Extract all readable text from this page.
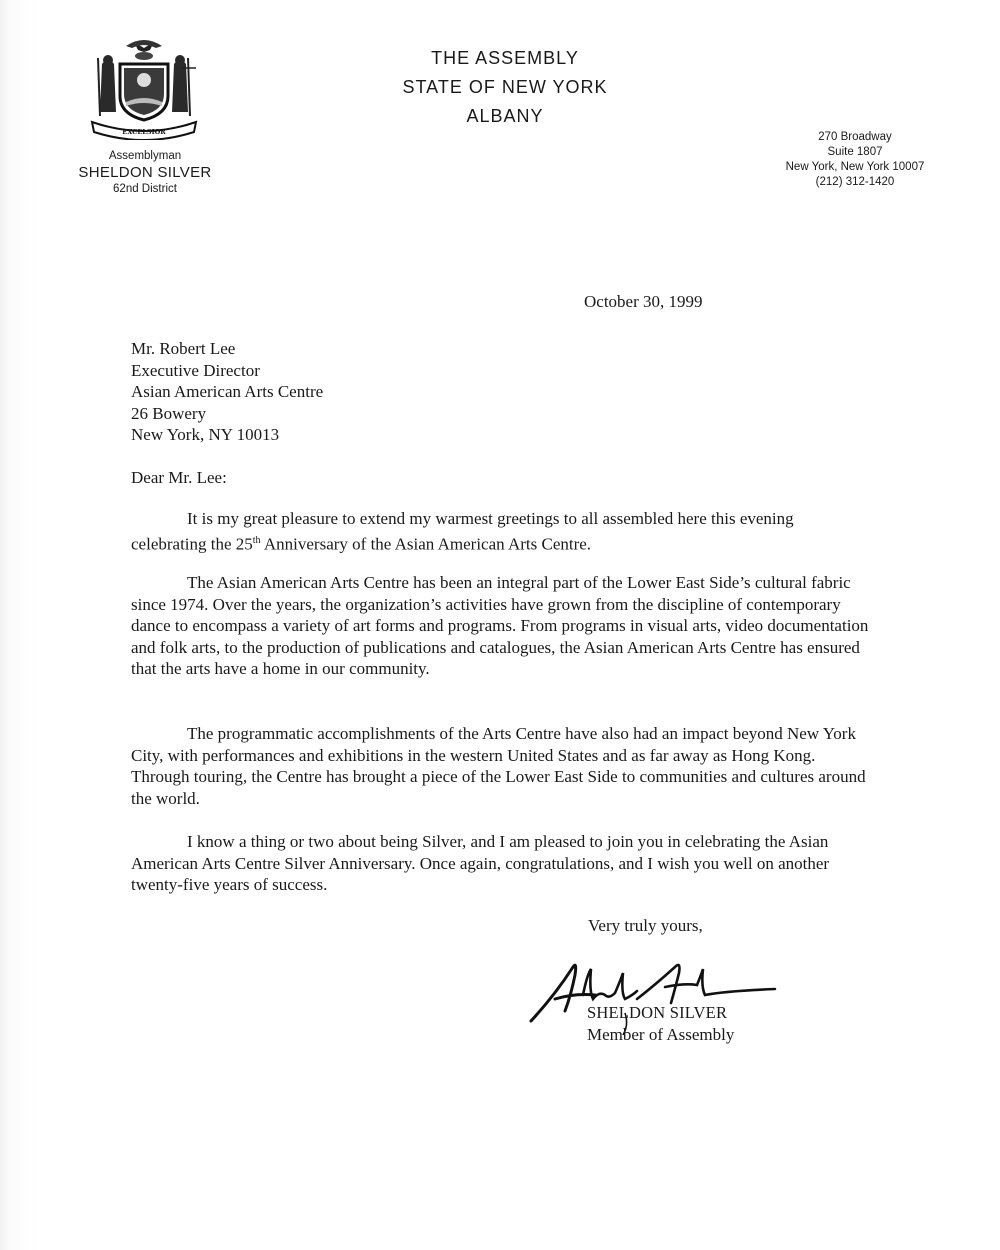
EXCELSIOR
Assemblyman
SHELDON SILVER
62nd District
THE ASSEMBLY
STATE OF NEW YORK
ALBANY
270 Broadway
Suite 1807
New York, New York 10007
(212) 312-1420
October 30, 1999
Mr. Robert Lee
Executive Director
Asian American Arts Centre
26 Bowery
New York, NY 10013
Dear Mr. Lee:

It is my great pleasure to extend my warmest greetings to all assembled here this evening celebrating the 25th Anniversary of the Asian American Arts Centre.

The Asian American Arts Centre has been an integral part of the Lower East Side’s cultural fabric since 1974. Over the years, the organization’s activities have grown from the discipline of contemporary dance to encompass a variety of art forms and programs. From programs in visual arts, video documentation and folk arts, to the production of publications and catalogues, the Asian American Arts Centre has ensured that the arts have a home in our community.

The programmatic accomplishments of the Arts Centre have also had an impact beyond New York City, with performances and exhibitions in the western United States and as far away as Hong Kong. Through touring, the Centre has brought a piece of the Lower East Side to communities and cultures around the world.

I know a thing or two about being Silver, and I am pleased to join you in celebrating the Asian American Arts Centre Silver Anniversary. Once again, congratulations, and I wish you well on another twenty-five years of success.

Very truly yours,
SHELDON SILVER
Member of Assembly
